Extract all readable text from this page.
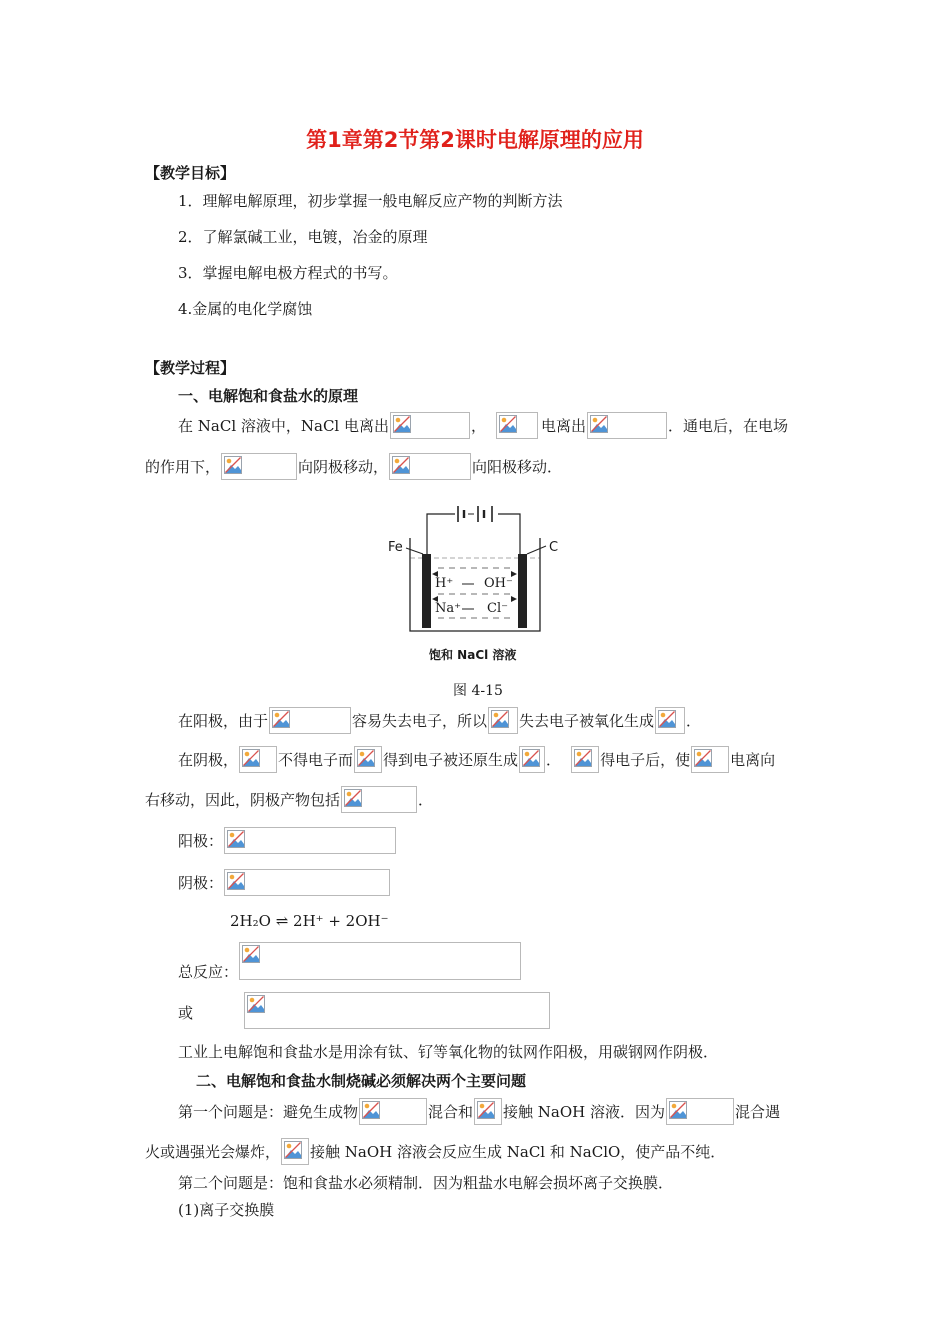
第1章第2节第2课时电解原理的应用
【教学目标】
1．理解电解原理，初步掌握一般电解反应产物的判断方法
2．了解氯碱工业，电镀，冶金的原理
3．掌握电解电极方程式的书写。
4.金属的电化学腐蚀
【教学过程】
一、电解饱和食盐水的原理
在 NaCl 溶液中，NaCl 电离出	，	电离出	．通电后，在电场
的作用下，	向阴极移动，	向阳极移动．
Fe	C
H⁺ OH⁻
Na⁺ Cl⁻
饱和 NaCl 溶液
图 4-15
在阳极，由于	容易失去电子，所以 失去电子被氧化生成 ．
在阴极，	不得电子而 得到电子被还原生成 ．	得电子后，使	电离向
右移动，因此，阴极产物包括	．
阳极：
阴极：
2H₂O ⇌ 2H⁺ + 2OH⁻
总反应：
或
工业上电解饱和食盐水是用涂有钛、钌等氧化物的钛网作阳极，用碳钢网作阴极．
二、电解饱和食盐水制烧碱必须解决两个主要问题
第一个问题是：避免生成物	混合和 接触 NaOH 溶液．因为	混合遇
火或遇强光会爆炸， 接触 NaOH 溶液会反应生成 NaCl 和 NaClO，使产品不纯．
第二个问题是：饱和食盐水必须精制．因为粗盐水电解会损坏离子交换膜．
(1)离子交换膜
